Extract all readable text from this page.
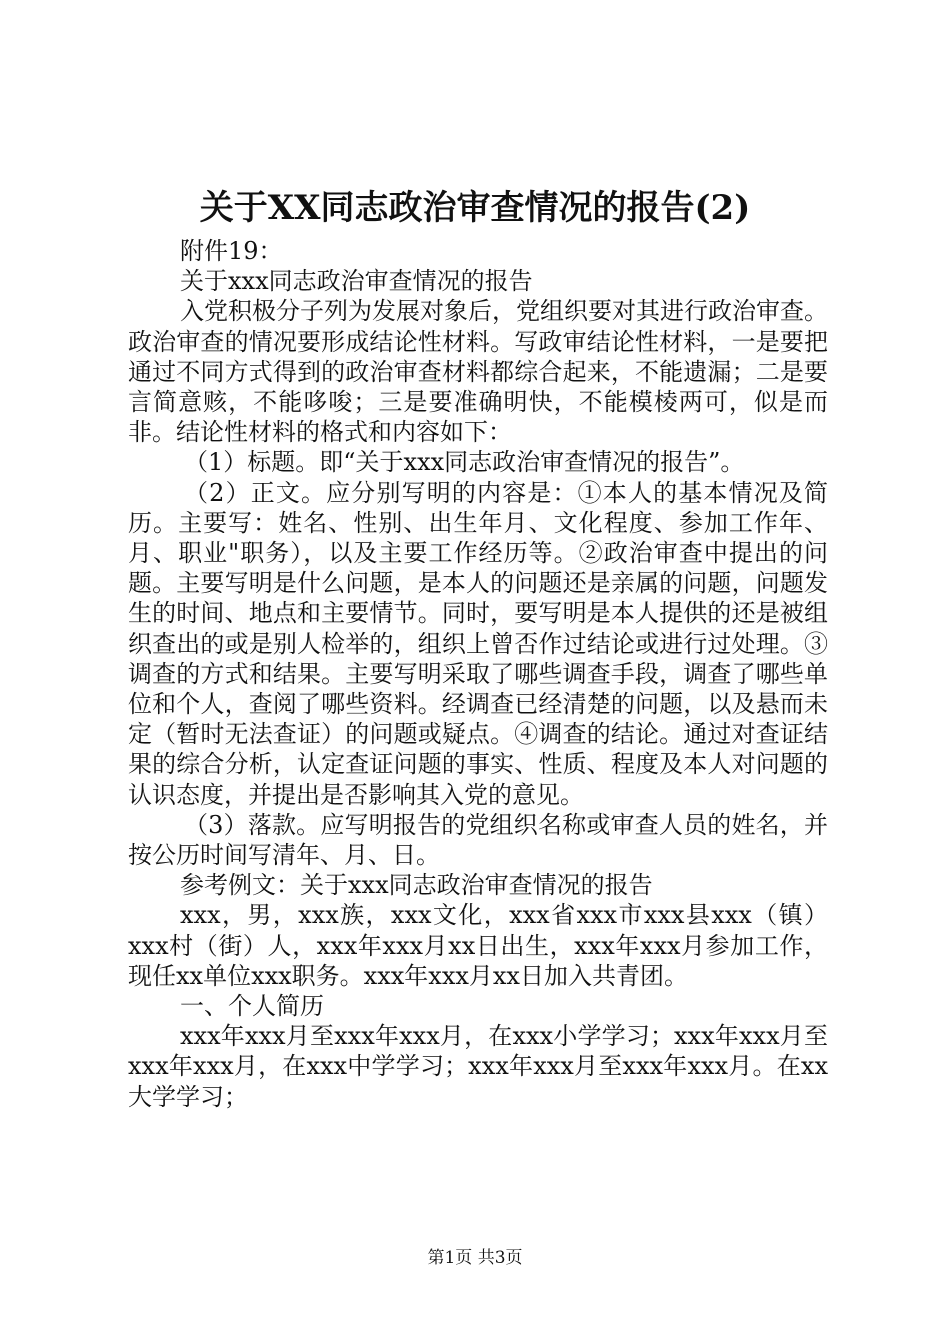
关于XX同志政治审查情况的报告(2)

附件19：

关于xxx同志政治审查情况的报告

入党积极分子列为发展对象后，党组织要对其进行政治审查。政治审查的情况要形成结论性材料。写政审结论性材料，一是要把通过不同方式得到的政治审查材料都综合起来，不能遗漏；二是要言简意赅，不能哆唆；三是要准确明快，不能模棱两可，似是而非。结论性材料的格式和内容如下：

（1）标题。即“关于xxx同志政治审查情况的报告”。

（2）正文。应分别写明的内容是：①本人的基本情况及简历。主要写：姓名、性别、出生年月、文化程度、参加工作年、月、职业"职务），以及主要工作经历等。②政治审查中提出的问题。主要写明是什么问题，是本人的问题还是亲属的问题，问题发生的时间、地点和主要情节。同时，要写明是本人提供的还是被组织查出的或是别人检举的，组织上曾否作过结论或进行过处理。③调查的方式和结果。主要写明采取了哪些调查手段，调查了哪些单位和个人，查阅了哪些资料。经调查已经清楚的问题，以及悬而未定（暂时无法查证）的问题或疑点。④调查的结论。通过对查证结果的综合分析，认定查证问题的事实、性质、程度及本人对问题的认识态度，并提出是否影响其入党的意见。

（3）落款。应写明报告的党组织名称或审查人员的姓名，并按公历时间写清年、月、日。

参考例文：关于xxx同志政治审查情况的报告

xxx，男，xxx族，xxx文化，xxx省xxx市xxx县xxx（镇）xxx村（街）人，xxx年xxx月xx日出生，xxx年xxx月参加工作，现任xx单位xxx职务。xxx年xxx月xx日加入共青团。

一、个人简历

xxx年xxx月至xxx年xxx月，在xxx小学学习；xxx年xxx月至xxx年xxx月，在xxx中学学习；xxx年xxx月至xxx年xxx月。在xx大学学习；

第1页 共3页
